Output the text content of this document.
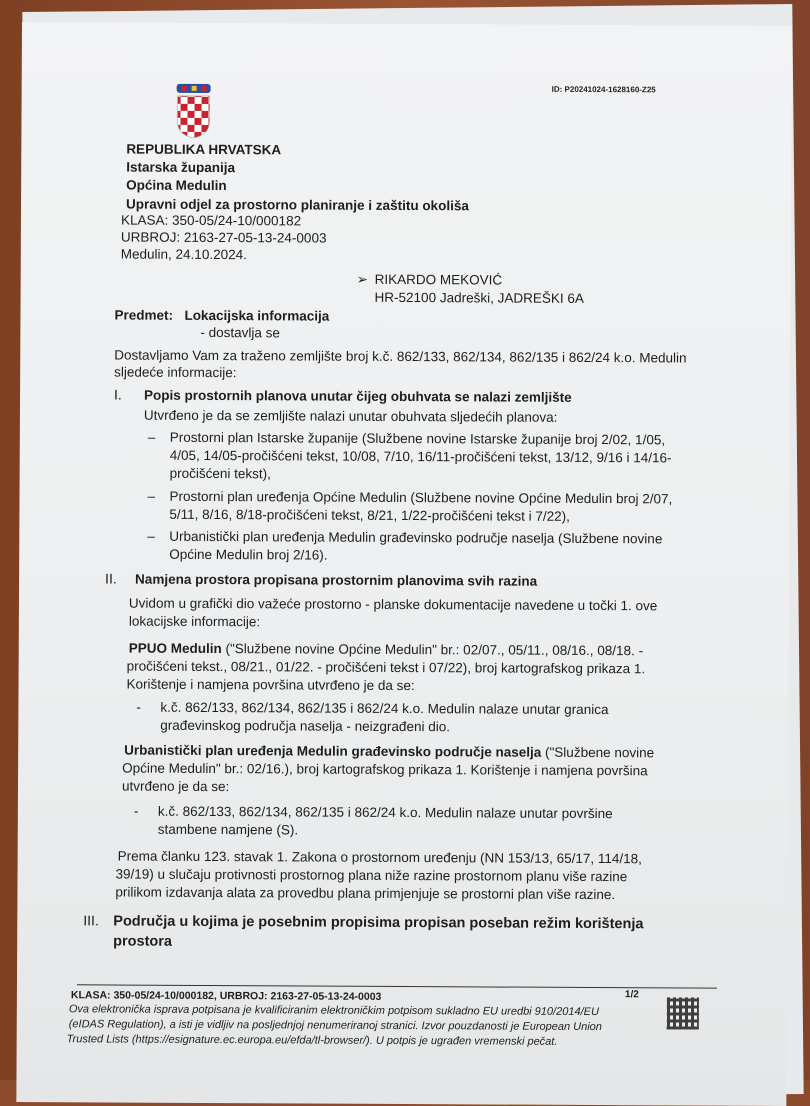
ID: P20241024-1628160-Z25
REPUBLIKA HRVATSKA
Istarska županija
Općina Medulin
Upravni odjel za prostorno planiranje i zaštitu okoliša
KLASA: 350-05/24-10/000182
URBROJ: 2163-27-05-13-24-0003
Medulin, 24.10.2024.
➢ RIKARDO MEKOVIĆ
HR-52100 Jadreški, JADREŠKI 6A
Predmet: Lokacijska informacija
- dostavlja se
Dostavljamo Vam za traženo zemljište broj k.č. 862/133, 862/134, 862/135 i 862/24 k.o. Medulin
sljedeće informacije:
I. Popis prostornih planova unutar čijeg obuhvata se nalazi zemljište
Utvrđeno je da se zemljište nalazi unutar obuhvata sljedećih planova:
– Prostorni plan Istarske županije (Službene novine Istarske županije broj 2/02, 1/05,
4/05, 14/05-pročišćeni tekst, 10/08, 7/10, 16/11-pročišćeni tekst, 13/12, 9/16 i 14/16-
pročišćeni tekst),
– Prostorni plan uređenja Općine Medulin (Službene novine Općine Medulin broj 2/07,
5/11, 8/16, 8/18-pročišćeni tekst, 8/21, 1/22-pročišćeni tekst i 7/22),
– Urbanistički plan uređenja Medulin građevinsko područje naselja (Službene novine
Općine Medulin broj 2/16).
II. Namjena prostora propisana prostornim planovima svih razina
Uvidom u grafički dio važeće prostorno - planske dokumentacije navedene u točki 1. ove
lokacijske informacije:
PPUO Medulin ("Službene novine Općine Medulin" br.: 02/07., 05/11., 08/16., 08/18. -
pročišćeni tekst., 08/21., 01/22. - pročišćeni tekst i 07/22), broj kartografskog prikaza 1.
Korištenje i namjena površina utvrđeno je da se:
- k.č. 862/133, 862/134, 862/135 i 862/24 k.o. Medulin nalaze unutar granica
građevinskog područja naselja - neizgrađeni dio.
Urbanistički plan uređenja Medulin građevinsko područje naselja ("Službene novine
Općine Medulin" br.: 02/16.), broj kartografskog prikaza 1. Korištenje i namjena površina
utvrđeno je da se:
- k.č. 862/133, 862/134, 862/135 i 862/24 k.o. Medulin nalaze unutar površine
stambene namjene (S).
Prema članku 123. stavak 1. Zakona o prostornom uređenju (NN 153/13, 65/17, 114/18,
39/19) u slučaju protivnosti prostornog plana niže razine prostornom planu više razine
prilikom izdavanja alata za provedbu plana primjenjuje se prostorni plan više razine.
III. Područja u kojima je posebnim propisima propisan poseban režim korištenja
prostora
KLASA: 350-05/24-10/000182, URBROJ: 2163-27-05-13-24-0003	1/2
Ova elektronička isprava potpisana je kvalificiranim elektroničkim potpisom sukladno EU uredbi 910/2014/EU
(eIDAS Regulation), a isti je vidljiv na posljednjoj nenumeriranoj stranici. Izvor pouzdanosti je European Union
Trusted Lists (https://esignature.ec.europa.eu/efda/tl-browser/). U potpis je ugrađen vremenski pečat.
